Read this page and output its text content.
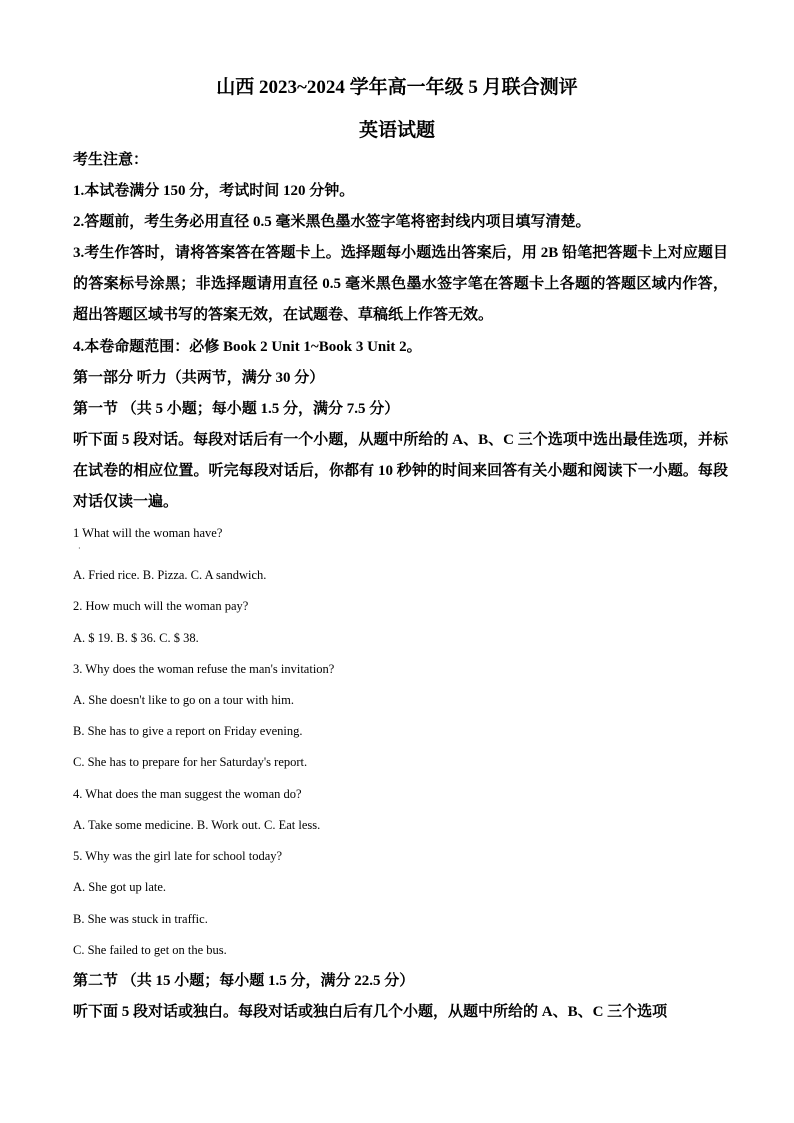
山西 2023~2024 学年高一年级 5 月联合测评
英语试题

考生注意：

1.本试卷满分 150 分，考试时间 120 分钟。

2.答题前，考生务必用直径 0.5 毫米黑色墨水签字笔将密封线内项目填写清楚。

3.考生作答时，请将答案答在答题卡上。选择题每小题选出答案后，用 2B 铅笔把答题卡上对应题目的答案标号涂黑；非选择题请用直径 0.5 毫米黑色墨水签字笔在答题卡上各题的答题区域内作答，超出答题区域书写的答案无效，在试题卷、草稿纸上作答无效。

4.本卷命题范围：必修 Book 2 Unit 1~Book 3 Unit 2。

第一部分 听力（共两节，满分 30 分）

第一节 （共 5 小题；每小题 1.5 分，满分 7.5 分）

听下面 5 段对话。每段对话后有一个小题，从题中所给的 A、B、C 三个选项中选出最佳选项，并标在试卷的相应位置。听完每段对话后，你都有 10 秒钟的时间来回答有关小题和阅读下一小题。每段对话仅读一遍。

1 What will the woman have?

·

A. Fried rice. B. Pizza. C. A sandwich.

2. How much will the woman pay?

A. $ 19. B. $ 36. C. $ 38.

3. Why does the woman refuse the man's invitation?

A. She doesn't like to go on a tour with him.

B. She has to give a report on Friday evening.

C. She has to prepare for her Saturday's report.

4. What does the man suggest the woman do?

A. Take some medicine. B. Work out. C. Eat less.

5. Why was the girl late for school today?

A. She got up late.

B. She was stuck in traffic.

C. She failed to get on the bus.

第二节 （共 15 小题；每小题 1.5 分，满分 22.5 分）

听下面 5 段对话或独白。每段对话或独白后有几个小题，从题中所给的 A、B、C 三个选项
